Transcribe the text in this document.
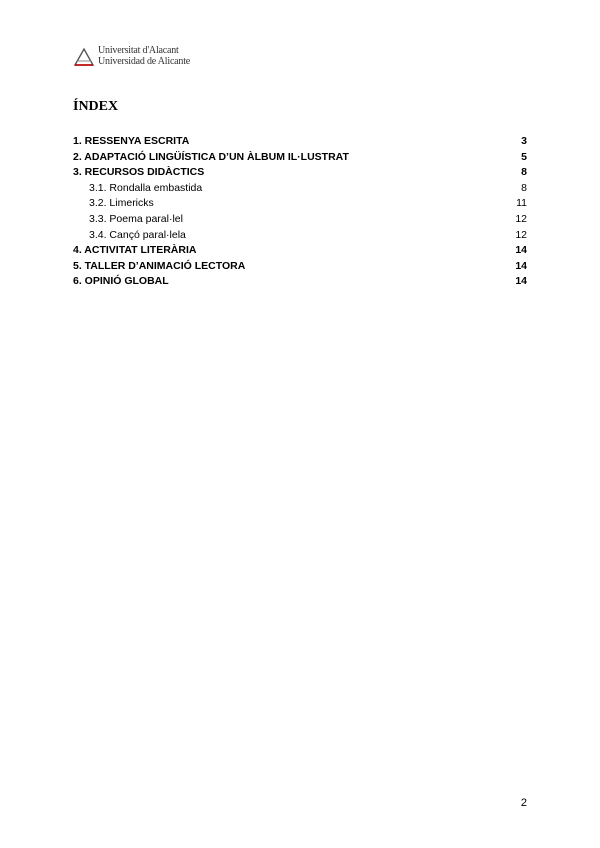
Universitat d'Alacant
Universidad de Alicante
ÍNDEX
1. RESSENYA ESCRITA	3
2. ADAPTACIÓ LINGÜÍSTICA D’UN ÀLBUM IL·LUSTRAT	5
3. RECURSOS DIDÀCTICS	8
3.1. Rondalla embastida	8
3.2. Limericks	11
3.3. Poema paral·lel	12
3.4. Cançó paral·lela	12
4. ACTIVITAT LITERÀRIA	14
5. TALLER D’ANIMACIÓ LECTORA	14
6. OPINIÓ GLOBAL	14
2
